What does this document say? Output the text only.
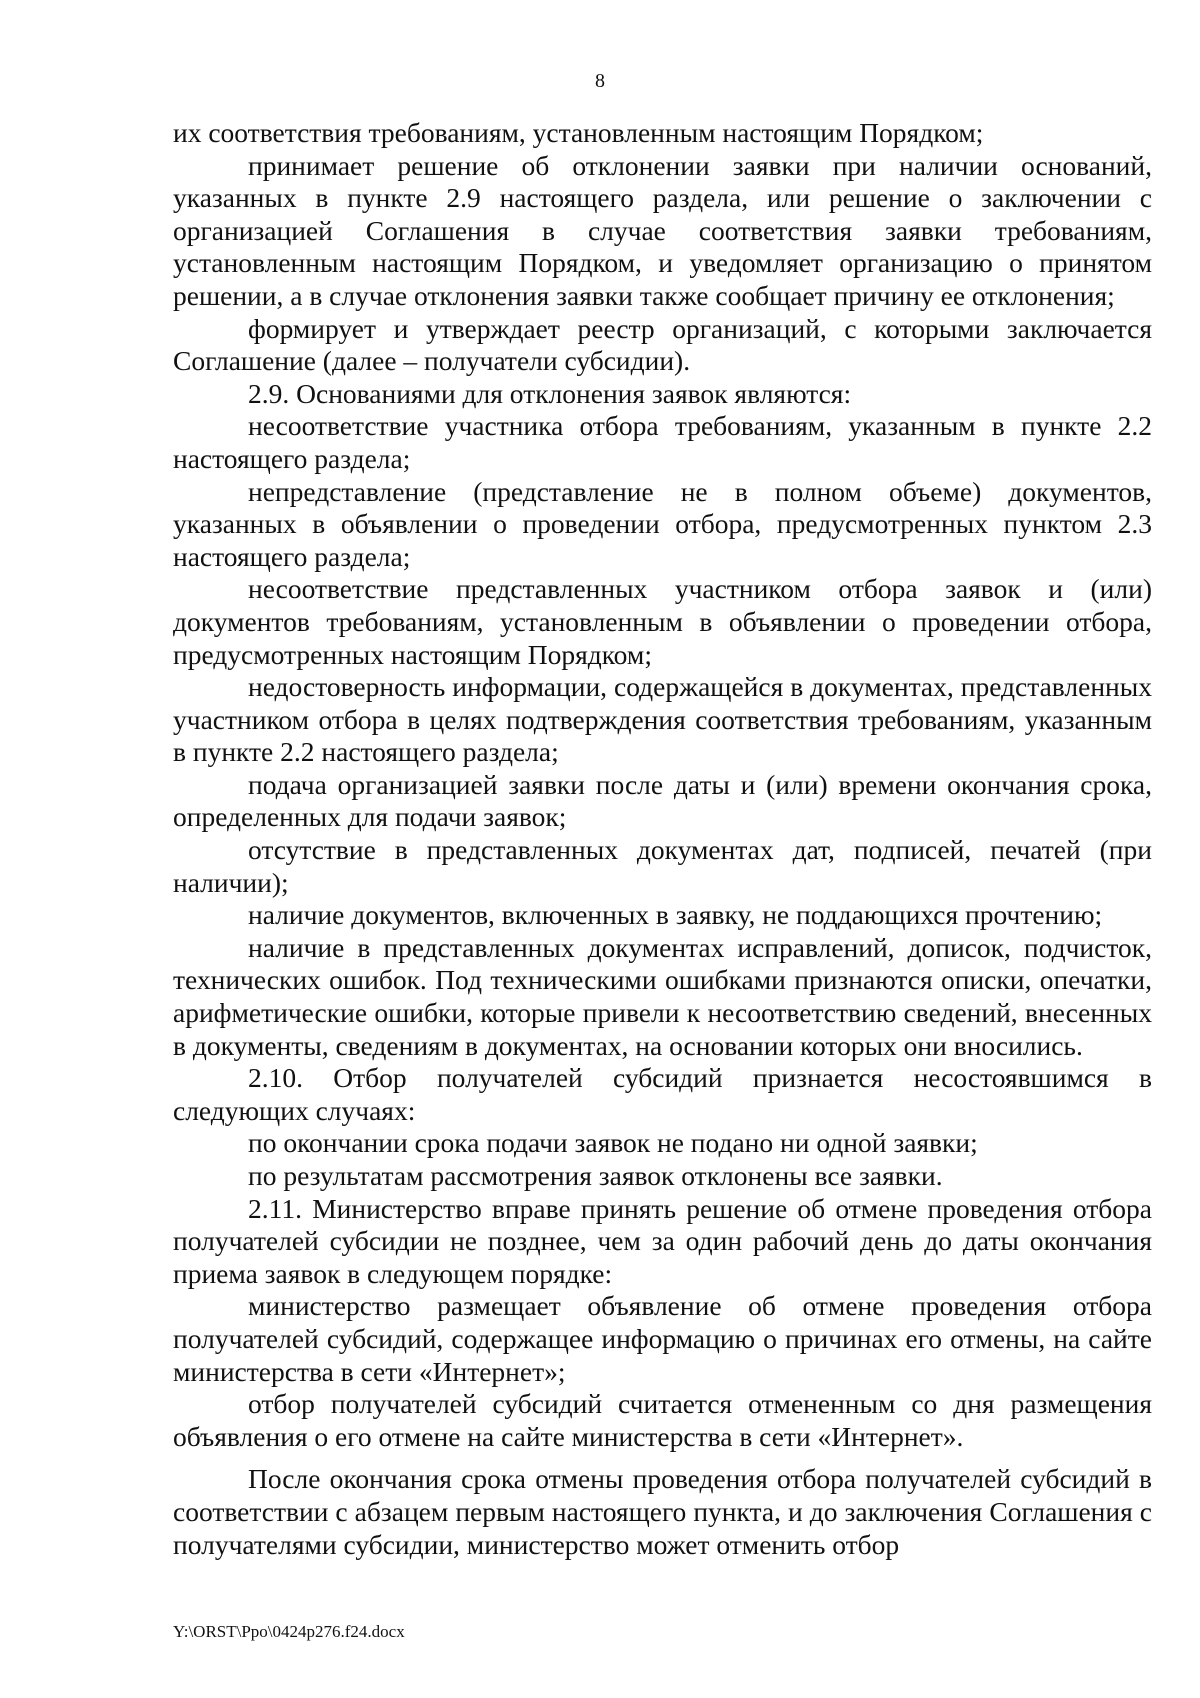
8

их соответствия требованиям, установленным настоящим Порядком;

принимает решение об отклонении заявки при наличии оснований, указанных в пункте 2.9 настоящего раздела, или решение о заключении с организацией Соглашения в случае соответствия заявки требованиям, установленным настоящим Порядком, и уведомляет организацию о принятом решении, а в случае отклонения заявки также сообщает причину ее отклонения;

формирует и утверждает реестр организаций, с которыми заключается Соглашение (далее – получатели субсидии).

2.9. Основаниями для отклонения заявок являются:

несоответствие участника отбора требованиям, указанным в пункте 2.2 настоящего раздела;

непредставление (представление не в полном объеме) документов, указанных в объявлении о проведении отбора, предусмотренных пунктом 2.3 настоящего раздела;

несоответствие представленных участником отбора заявок и (или) документов требованиям, установленным в объявлении о проведении отбора, предусмотренных настоящим Порядком;

недостоверность информации, содержащейся в документах, представленных участником отбора в целях подтверждения соответствия требованиям, указанным в пункте 2.2 настоящего раздела;

подача организацией заявки после даты и (или) времени окончания срока, определенных для подачи заявок;

отсутствие в представленных документах дат, подписей, печатей (при наличии);

наличие документов, включенных в заявку, не поддающихся прочтению;

наличие в представленных документах исправлений, дописок, подчисток, технических ошибок. Под техническими ошибками признаются описки, опечатки, арифметические ошибки, которые привели к несоответствию сведений, внесенных в документы, сведениям в документах, на основании которых они вносились.

2.10. Отбор получателей субсидий признается несостоявшимся в следующих случаях:

по окончании срока подачи заявок не подано ни одной заявки;

по результатам рассмотрения заявок отклонены все заявки.

2.11. Министерство вправе принять решение об отмене проведения отбора получателей субсидии не позднее, чем за один рабочий день до даты окончания приема заявок в следующем порядке:

министерство размещает объявление об отмене проведения отбора получателей субсидий, содержащее информацию о причинах его отмены, на сайте министерства в сети «Интернет»;

отбор получателей субсидий считается отмененным со дня размещения объявления о его отмене на сайте министерства в сети «Интернет».

После окончания срока отмены проведения отбора получателей субсидий в соответствии с абзацем первым настоящего пункта, и до заключения Соглашения с получателями субсидии, министерство может отменить отбор

Y:\ORST\Ppo\0424p276.f24.docx
